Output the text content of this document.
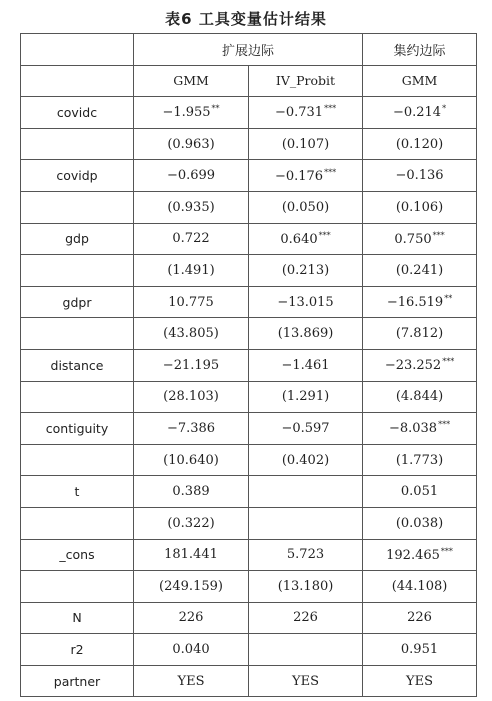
表6 工具变量估计结果
	扩展边际		集约边际
	GMM	IV_Probit	GMM
covidc	−1.955**	−0.731***	−0.214*
	(0.963)	(0.107)	(0.120)
covidp	−0.699	−0.176***	−0.136
	(0.935)	(0.050)	(0.106)
gdp	0.722	0.640***	0.750***
	(1.491)	(0.213)	(0.241)
gdpr	10.775	−13.015	−16.519**
	(43.805)	(13.869)	(7.812)
distance	−21.195	−1.461	−23.252***
	(28.103)	(1.291)	(4.844)
contiguity	−7.386	−0.597	−8.038***
	(10.640)	(0.402)	(1.773)
t	0.389		0.051
	(0.322)		(0.038)
_cons	181.441	5.723	192.465***
	(249.159)	(13.180)	(44.108)
N	226	226	226
r2	0.040		0.951
partner	YES	YES	YES
